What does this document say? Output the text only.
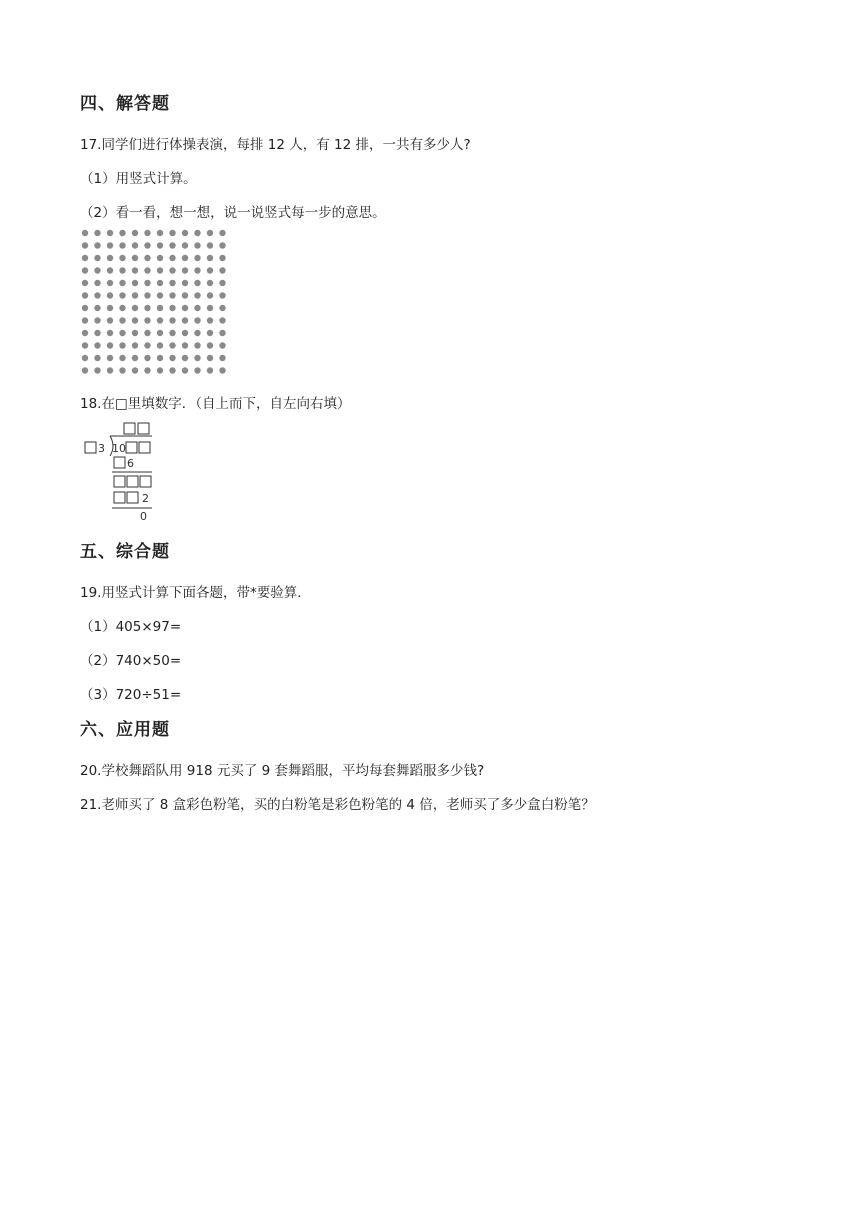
四、解答题
17.同学们进行体操表演，每排 12 人，有 12 排，一共有多少人?
（1）用竖式计算。
（2）看一看，想一想，说一说竖式每一步的意思。
18.在□里填数字．（自上而下，自左向右填）
3 10
6
2
0
五、综合题
19.用竖式计算下面各题，带*要验算.
（1）405×97=
（2）740×50=
（3）720÷51=
六、应用题
20.学校舞蹈队用 918 元买了 9 套舞蹈服，平均每套舞蹈服多少钱?
21.老师买了 8 盒彩色粉笔，买的白粉笔是彩色粉笔的 4 倍，老师买了多少盒白粉笔？
